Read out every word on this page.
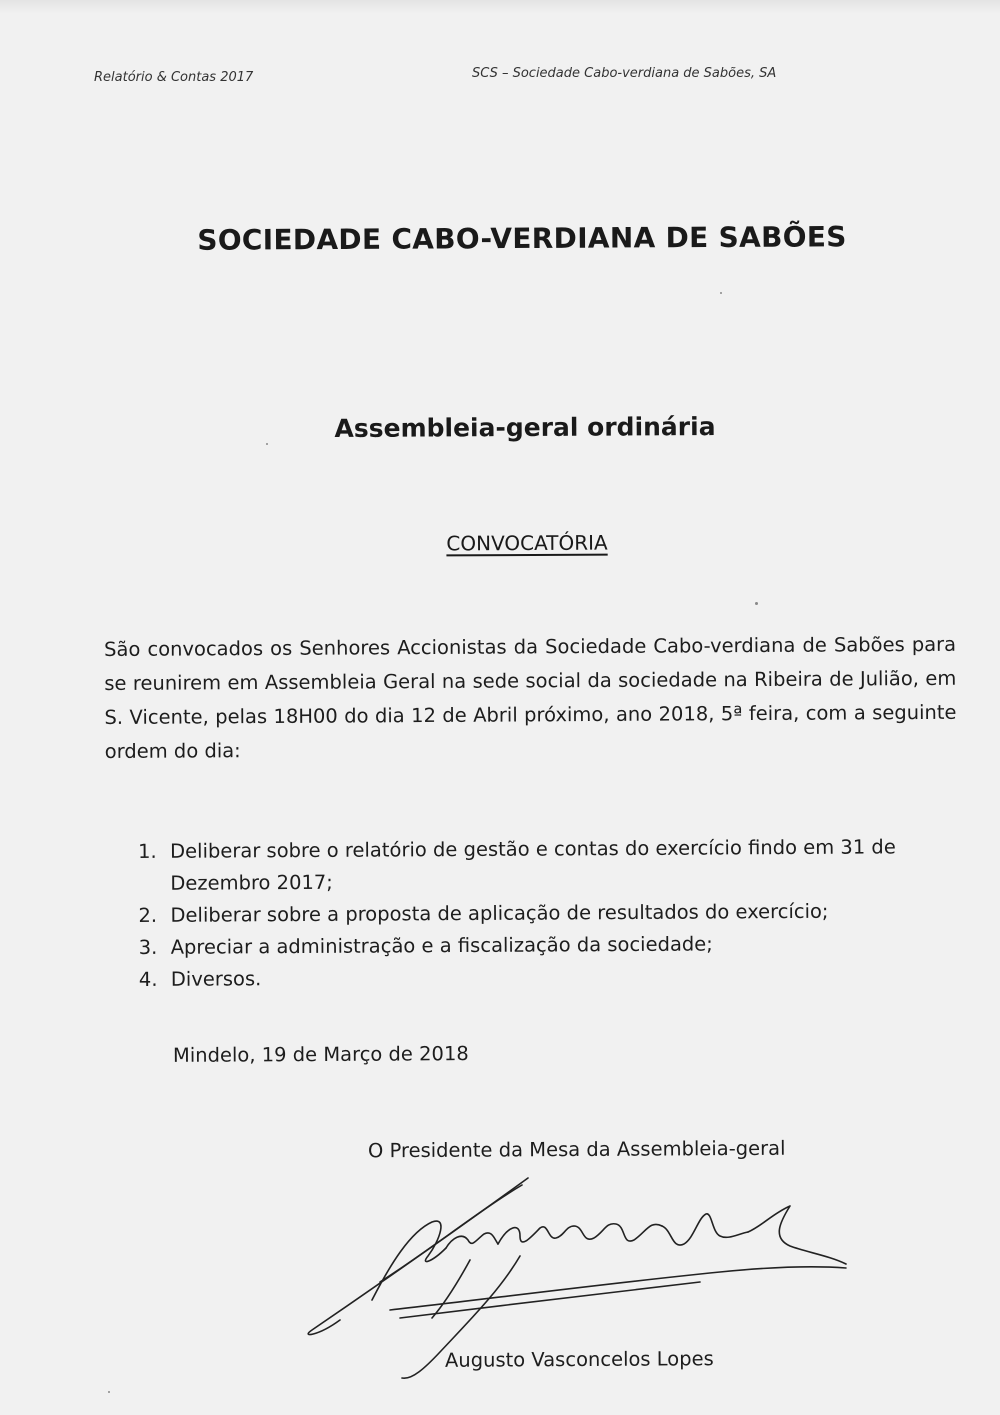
Relatório & Contas 2017	SCS – Sociedade Cabo-verdiana de Sabões, SA
SOCIEDADE CABO-VERDIANA DE SABÕES
Assembleia-geral ordinária
CONVOCATÓRIA
São convocados os Senhores Accionistas da Sociedade Cabo-verdiana de Sabões para se reunirem em Assembleia Geral na sede social da sociedade na Ribeira de Julião, em S. Vicente, pelas 18H00 do dia 12 de Abril próximo, ano 2018, 5ª feira, com a seguinte ordem do dia:
1. Deliberar sobre o relatório de gestão e contas do exercício findo em 31 de
Dezembro 2017;
2. Deliberar sobre a proposta de aplicação de resultados do exercício;
3. Apreciar a administração e a fiscalização da sociedade;
4. Diversos.
Mindelo, 19 de Março de 2018
O Presidente da Mesa da Assembleia-geral
Augusto Vasconcelos Lopes
